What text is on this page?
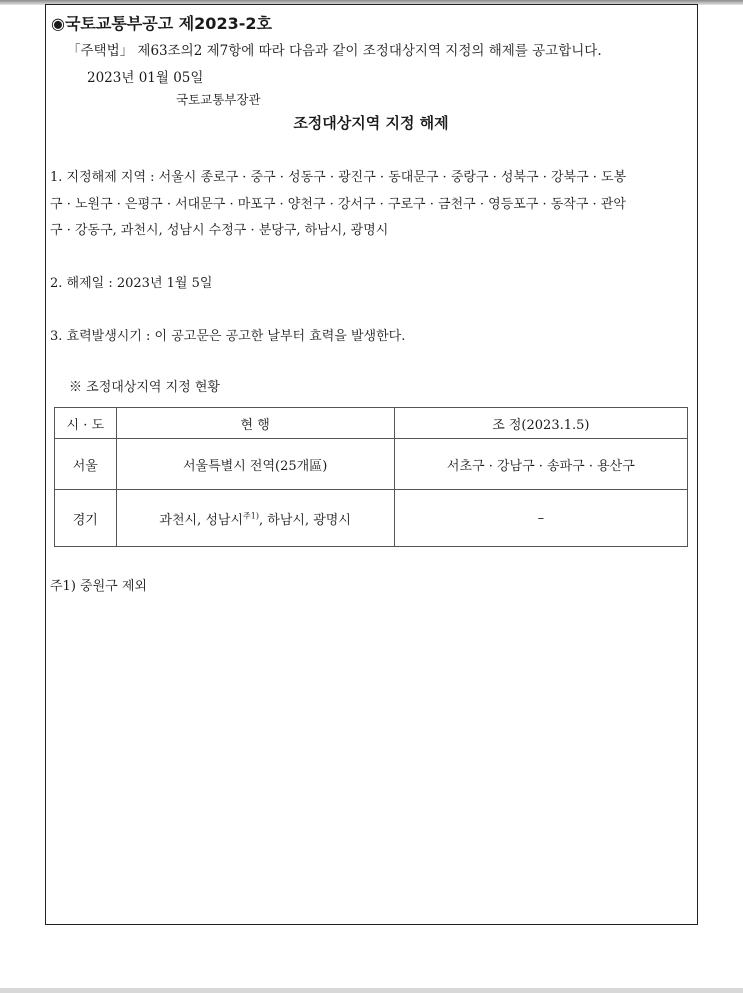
◉국토교통부공고 제2023-2호
「주택법」 제63조의2 제7항에 따라 다음과 같이 조정대상지역 지정의 해제를 공고합니다.
2023년 01월 05일
국토교통부장관
조정대상지역 지정 해제
1. 지정해제 지역 : 서울시 종로구 · 중구 · 성동구 · 광진구 · 동대문구 · 중랑구 · 성북구 · 강북구 · 도봉
구 · 노원구 · 은평구 · 서대문구 · 마포구 · 양천구 · 강서구 · 구로구 · 금천구 · 영등포구 · 동작구 · 관악
구 · 강동구, 과천시, 성남시 수정구 · 분당구, 하남시, 광명시
2. 해제일 : 2023년 1월 5일
3. 효력발생시기 : 이 공고문은 공고한 날부터 효력을 발생한다.
※ 조정대상지역 지정 현황
시 · 도	현 행	조 정(2023.1.5)
서울	서울특별시 전역(25개區)	서초구 · 강남구 · 송파구 · 용산구
경기	과천시, 성남시$^{주1)}$, 하남시, 광명시	–
주1) 중원구 제외
